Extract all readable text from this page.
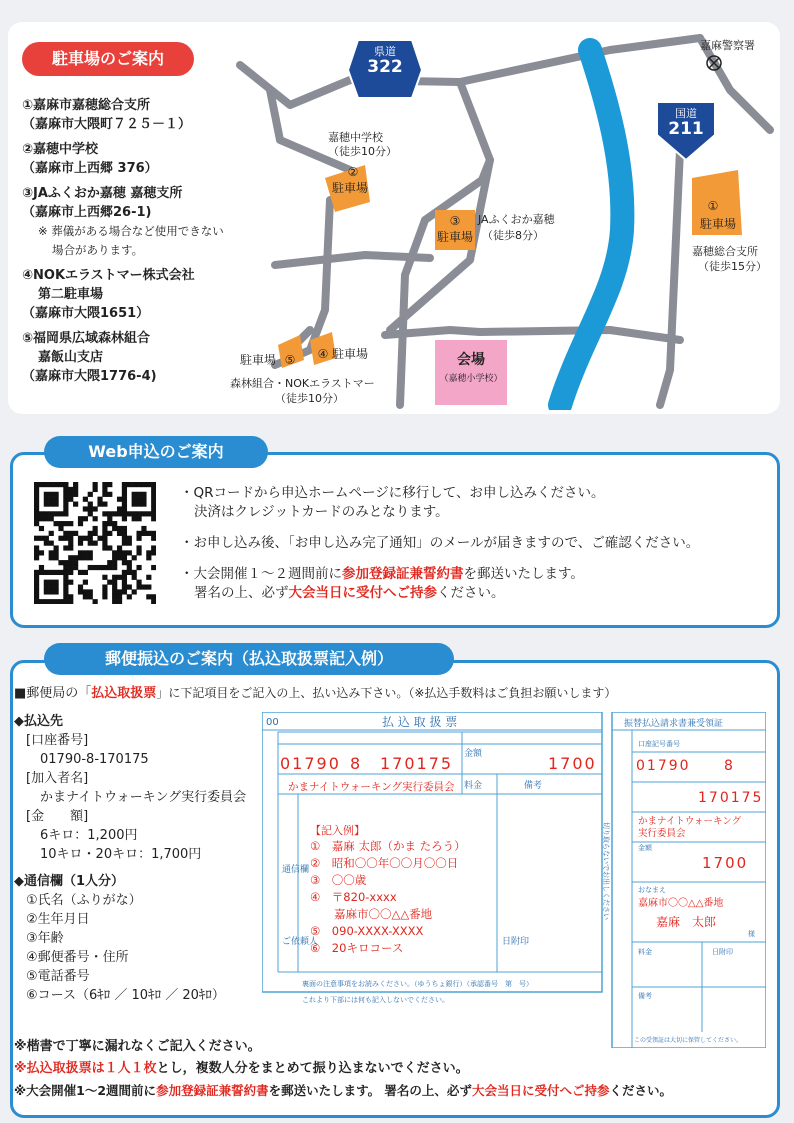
駐車場のご案内
①嘉麻市嘉穂総合支所
（嘉麻市大隈町７２５－１）
②嘉穂中学校
（嘉麻市上西郷 376）
③JAふくおか嘉穂 嘉穂支所
（嘉麻市上西郷26-1)
※ 葬儀がある場合など使用できない
場合があります。
④NOKエラストマー株式会社
第二駐車場
（嘉麻市大隈1651）
⑤福岡県広域森林組合
嘉飯山支店
（嘉麻市大隈1776-4)
県道
322
国道
211
嘉麻警察署
嘉穂中学校
（徒歩10分）
②
駐車場
③
駐車場
JAふくおか嘉穂
（徒歩8分）
①
駐車場
嘉穂総合支所
（徒歩15分）
駐車場 ⑤	④ 駐車場
森林組合・NOKエラストマー
（徒歩10分）
会場
（嘉穂小学校）
Web申込のご案内

・QRコードから申込ホームページに移行して、お申し込みください。
決済はクレジットカードのみとなります。

・お申し込み後、「お申し込み完了通知」のメールが届きますので、ご確認ください。

・大会開催１～２週間前に参加登録証兼誓約書を郵送いたします。
署名の上、必ず大会当日に受付へご持参ください。

郵便振込のご案内（払込取扱票記入例）
■郵便局の「払込取扱票」に下記項目をご記入の上、払い込み下さい。（※払込手数料はご負担お願いします）
◆払込先
[口座番号]
01790-8-170175
[加入者名]
かまナイトウォーキング実行委員会
[金　　額]
6キロ：1,200円
10キロ・20キロ：1,700円
◆通信欄（1人分）
①氏名（ふりがな）
②生年月日
③年齢
④郵便番号・住所
⑤電話番号
⑥コース（6ｷﾛ ／ 10ｷﾛ ／ 20ｷﾛ）
00	払 込 取 扱 票	振替払込請求書兼受領証
01790 8 170175	1700
金額
料金	備考
通信欄
ご依頼人	日附印
裏面の注意事項をお読みください。（ゆうちょ銀行）（承認番号　第　号）
これより下部には何も記入しないでください。
切り取らないでお出しください
かまナイトウォーキング実行委員会
【記入例】
①　嘉麻 太郎（かま たろう）
②　昭和〇〇年〇〇月〇〇日
③　〇〇歳
④　〒820-xxxx
嘉麻市〇〇△△番地
⑤　090-XXXX-XXXX
⑥　20キロコース
口座記号番号
01790 8
170175
かまナイトウォーキング
実行委員会
金額
1700
おなまえ
嘉麻市〇〇△△番地
嘉麻　太郎
様
料金
備考
日附印
この受領証は大切に保管してください。
※楷書で丁寧に漏れなくご記入ください。
※払込取扱票は１人１枚とし，複数人分をまとめて振り込まないでください。
※大会開催1～2週間前に参加登録証兼誓約書を郵送いたします。 署名の上、必ず大会当日に受付へご持参ください。
